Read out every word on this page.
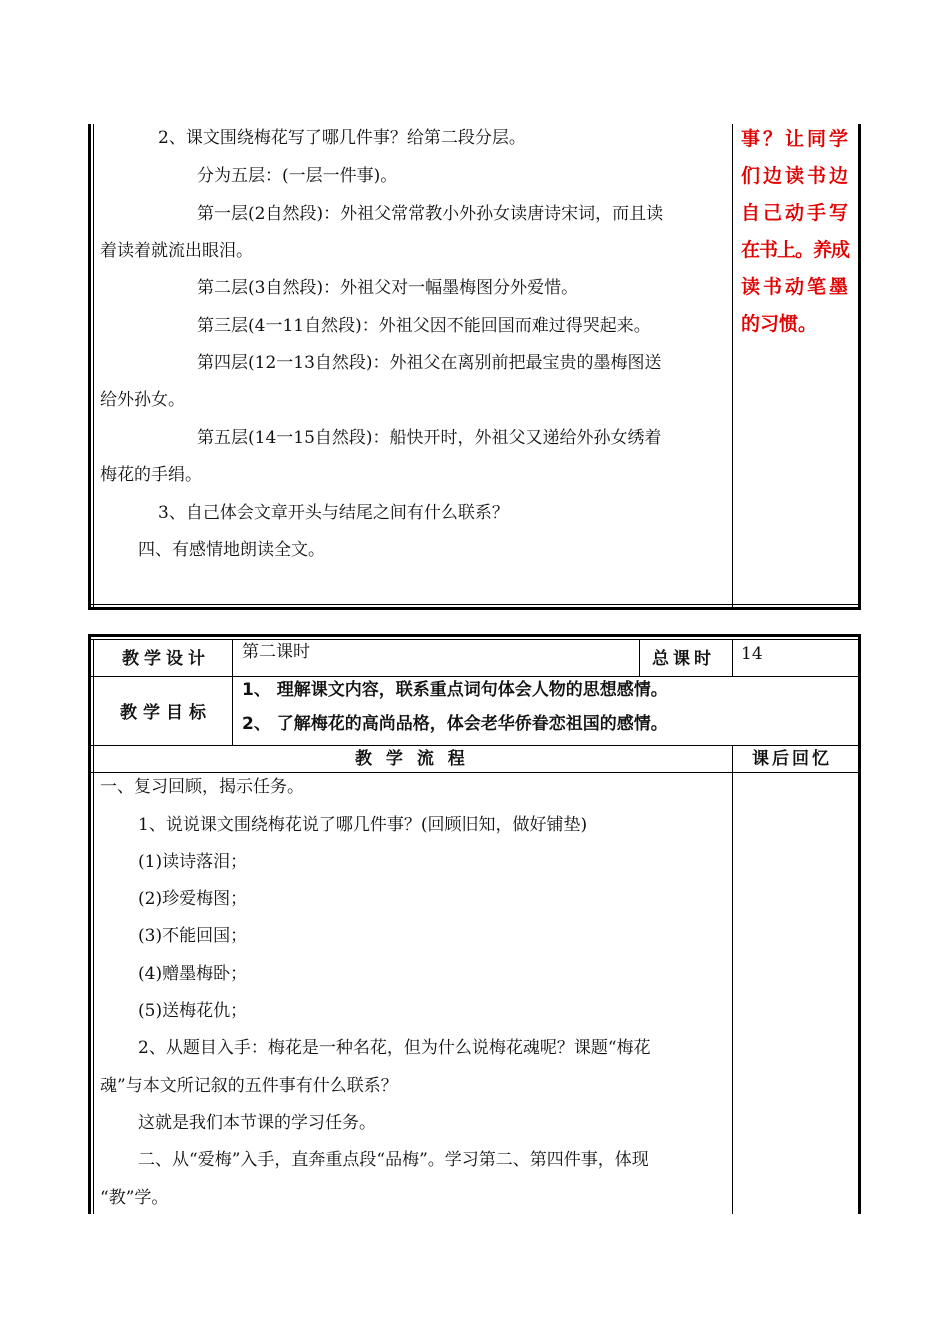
2、课文围绕梅花写了哪几件事？给第二段分层。
分为五层：(一层一件事)。
第一层(2自然段)：外祖父常常教小外孙女读唐诗宋词，而且读
着读着就流出眼泪。
第二层(3自然段)：外祖父对一幅墨梅图分外爱惜。
第三层(4一11自然段)：外祖父因不能回国而难过得哭起来。
第四层(12一13自然段)：外祖父在离别前把最宝贵的墨梅图送
给外孙女。
第五层(14一15自然段)：船快开时，外祖父又递给外孙女绣着
梅花的手绢。
3、自己体会文章开头与结尾之间有什么联系？
四、有感情地朗读全文。
事？让同学
们边读书边
自己动手写
在书上。养成
读书动笔墨
的习惯。
教学设计 第二课时	总课时 14
教学目标
1、 理解课文内容，联系重点词句体会人物的思想感情。
2、 了解梅花的高尚品格，体会老华侨眷恋祖国的感情。
教 学 流 程	课后回忆
一、复习回顾，揭示任务。
1、说说课文围绕梅花说了哪几件事？(回顾旧知，做好铺垫)
(1)读诗落泪；
(2)珍爱梅图；
(3)不能回国；
(4)赠墨梅卧；
(5)送梅花仇；
2、从题目入手：梅花是一种名花，但为什么说梅花魂呢？课题“梅花
魂”与本文所记叙的五件事有什么联系？
这就是我们本节课的学习任务。
二、从“爱梅”入手，直奔重点段“品梅”。学习第二、第四件事，体现
“教”学。
